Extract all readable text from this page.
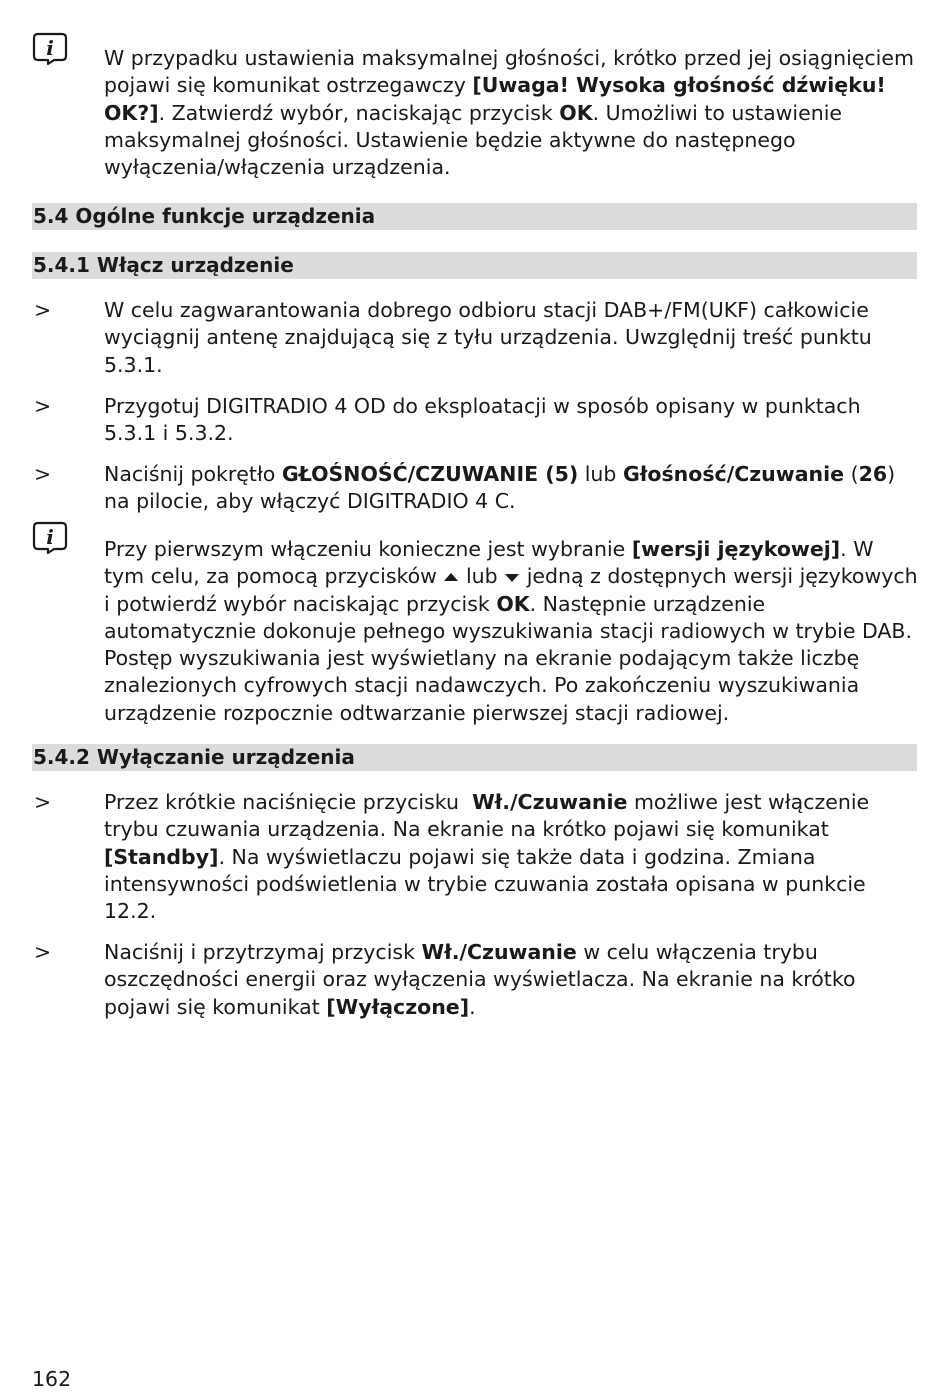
i W przypadku ustawienia maksymalnej głośności, krótko przed jej osiągnięciem pojawi się komunikat ostrzegawczy [Uwaga! Wysoka głośność dźwięku! OK?]. Zatwierdź wybór, naciskając przycisk OK. Umożliwi to ustawienie maksymalnej głośności. Ustawienie będzie aktywne do następnego wyłączenia/włączenia urządzenia.
5.4 Ogólne funkcje urządzenia
5.4.1 Włącz urządzenie
>	W celu zagwarantowania dobrego odbioru stacji DAB+/FM(UKF) całkowicie wyciągnij antenę znajdującą się z tyłu urządzenia. Uwzględnij treść punktu 5.3.1.
>	Przygotuj DIGITRADIO 4 OD do eksploatacji w sposób opisany w punktach 5.3.1 i 5.3.2.
>	Naciśnij pokrętło GŁOŚNOŚĆ/CZUWANIE (5) lub Głośność/Czuwanie (26) na pilocie, aby włączyć DIGITRADIO 4 C.
i Przy pierwszym włączeniu konieczne jest wybranie [wersji językowej]. W tym celu, za pomocą przycisków  lub  jedną z dostępnych wersji językowych i potwierdź wybór naciskając przycisk OK. Następnie urządzenie automatycznie dokonuje pełnego wyszukiwania stacji radiowych w trybie DAB. Postęp wyszukiwania jest wyświetlany na ekranie podającym także liczbę znalezionych cyfrowych stacji nadawczych. Po zakończeniu wyszukiwania urządzenie rozpocznie odtwarzanie pierwszej stacji radiowej.
5.4.2 Wyłączanie urządzenia
>	Przez krótkie naciśnięcie przycisku  Wł./Czuwanie możliwe jest włączenie trybu czuwania urządzenia. Na ekranie na krótko pojawi się komunikat [Standby]. Na wyświetlaczu pojawi się także data i godzina. Zmiana intensywności podświetlenia w trybie czuwania została opisana w punkcie 12.2.
>	Naciśnij i przytrzymaj przycisk Wł./Czuwanie w celu włączenia trybu oszczędności energii oraz wyłączenia wyświetlacza. Na ekranie na krótko pojawi się komunikat [Wyłączone].
162
